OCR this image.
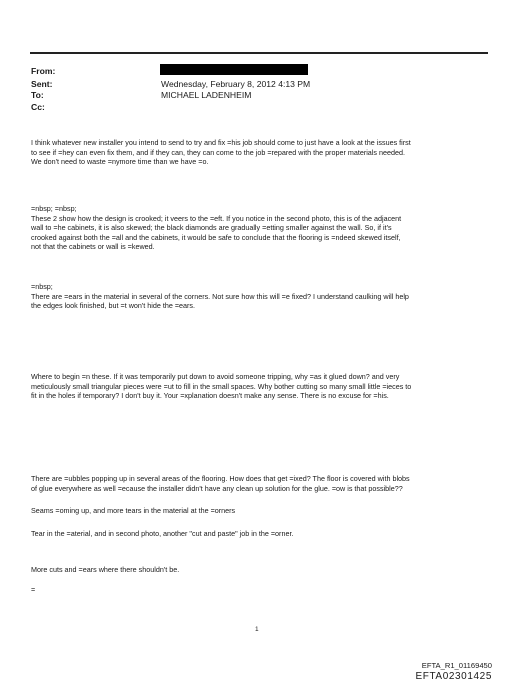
From:
Sent:	Wednesday, February 8, 2012 4:13 PM
To:	MICHAEL LADENHEIM
Cc:

I think whatever new installer you intend to send to try and fix =his job should come to just have a look at the issues first

to see if =hey can even fix them, and if they can, they can come to the job =repared with the proper materials needed.

We don't need to waste =nymore time than we have =o.

=nbsp; =nbsp;

These 2 show how the design is crooked; it veers to the =eft. If you notice in the second photo, this is of the adjacent

wall to =he cabinets, it is also skewed; the black diamonds are gradually =etting smaller against the wall. So, if it's

crooked against both the =all and the cabinets, it would be safe to conclude that the flooring is =ndeed skewed itself,

not that the cabinets or wall is =kewed.

=nbsp;

There are =ears in the material in several of the corners. Not sure how this will =e fixed? I understand caulking will help

the edges look finished, but =t won't hide the =ears.

Where to begin =n these. If it was temporarily put down to avoid someone tripping, why =as it glued down? and very

meticulously small triangular pieces were =ut to fill in the small spaces. Why bother cutting so many small little =ieces to

fit in the holes if temporary? I don't buy it. Your =xplanation doesn't make any sense. There is no excuse for =his.

There are =ubbles popping up in several areas of the flooring. How does that get =ixed? The floor is covered with blobs

of glue everywhere as well =ecause the installer didn't have any clean up solution for the glue. =ow is that possible??

Seams =oming up, and more tears in the material at the =orners

Tear in the =aterial, and in second photo, another "cut and paste" job in the =orner.

More cuts and =ears where there shouldn't be.

=

1
EFTA_R1_01169450
EFTA02301425
